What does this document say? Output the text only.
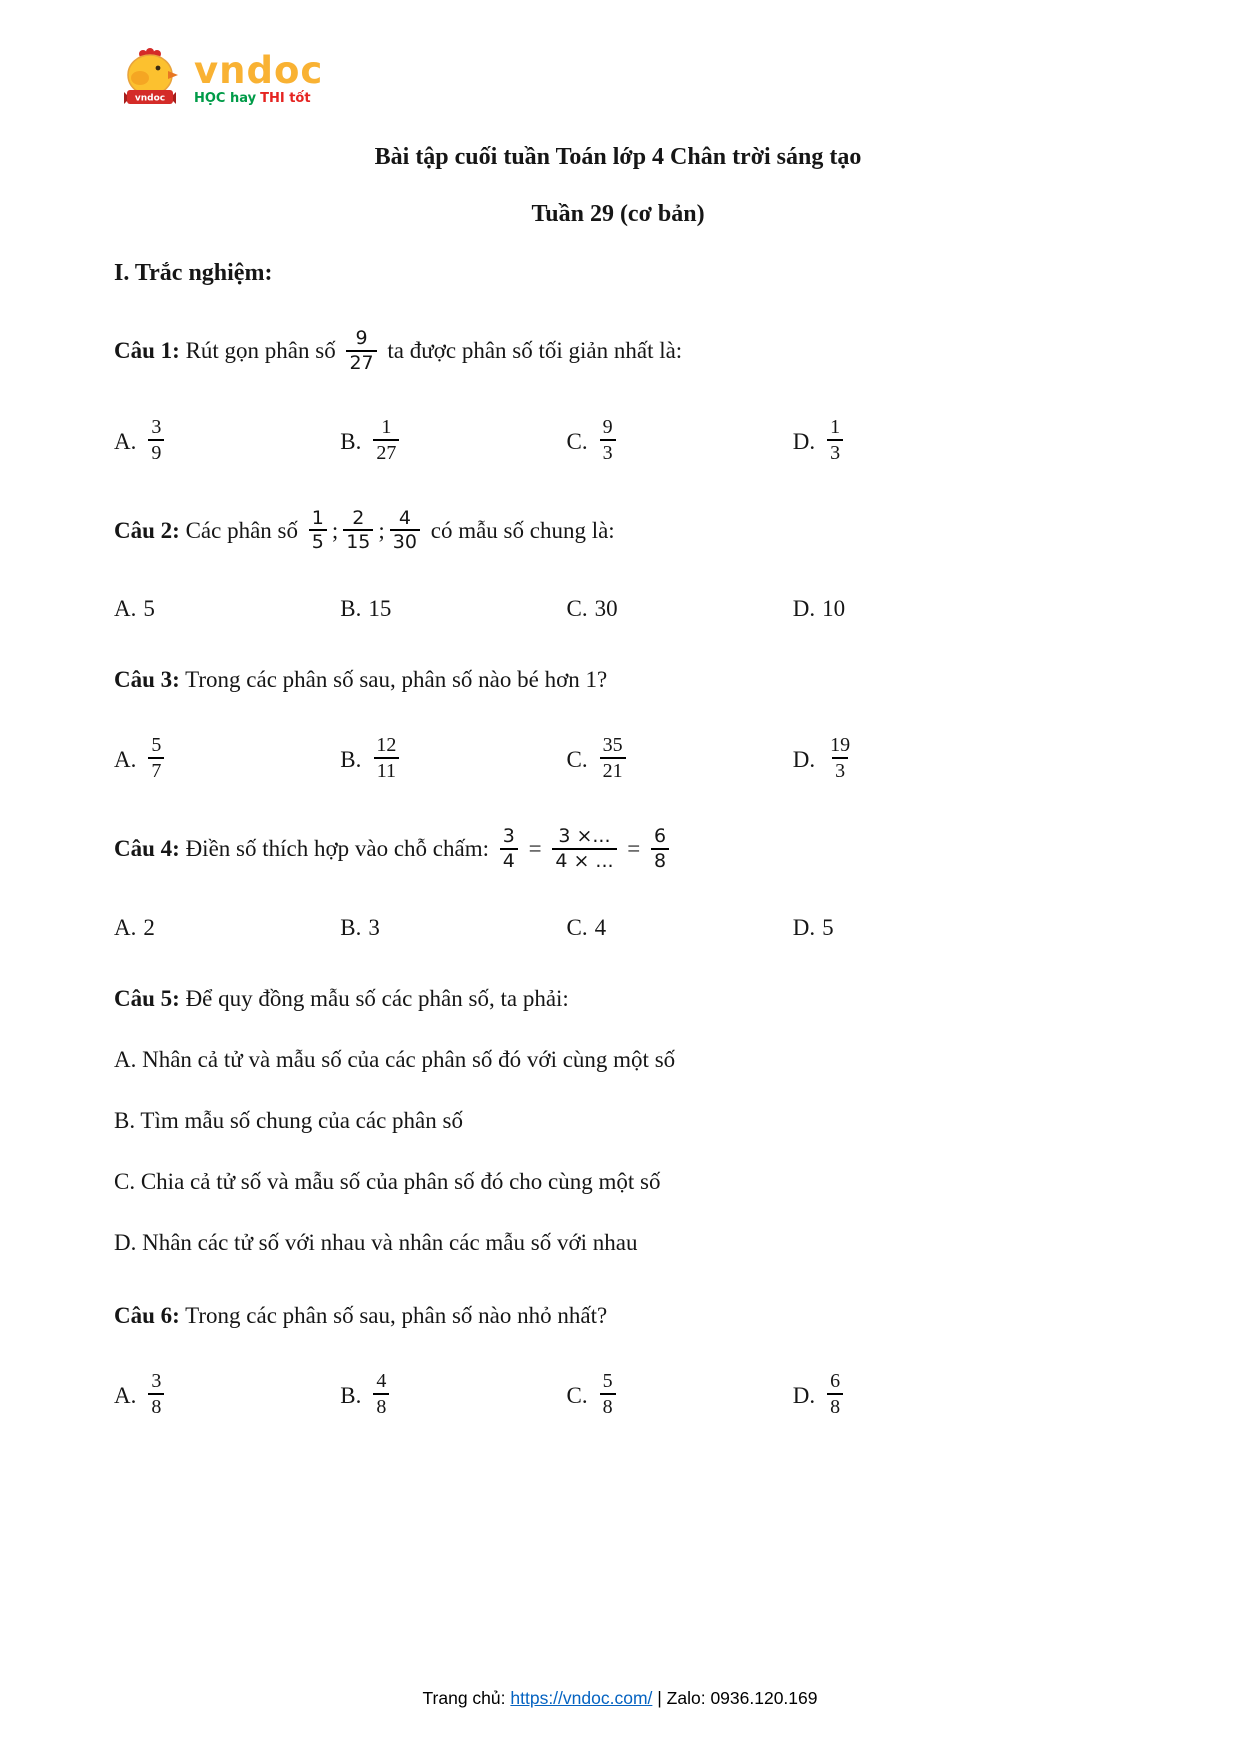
vndoc
vndoc
HỌC hay THI tốt
Bài tập cuối tuần Toán lớp 4 Chân trời sáng tạo
Tuần 29 (cơ bản)
I. Trắc nghiệm:
Câu 1: Rút gọn phân số $\frac{9}{27}$ ta được phân số tối giản nhất là:
A. $\frac{3}{9}$	B. $\frac{1}{27}$	C. $\frac{9}{3}$	D. $\frac{1}{3}$
Câu 2: Các phân số $\frac{1}{5}$ ; $\frac{2}{15}$ ; $\frac{4}{30}$ có mẫu số chung là:
A. 5	B. 15	C. 30	D. 10
Câu 3: Trong các phân số sau, phân số nào bé hơn 1?
A. $\frac{5}{7}$	B. $\frac{12}{11}$	C. $\frac{35}{21}$	D. $\frac{19}{3}$
Câu 4: Điền số thích hợp vào chỗ chấm: $\frac{3}{4} = \frac{3 \times...}{4 \times ...} = \frac{6}{8}$
A. 2	B. 3	C. 4	D. 5
Câu 5: Để quy đồng mẫu số các phân số, ta phải:
A. Nhân cả tử và mẫu số của các phân số đó với cùng một số
B. Tìm mẫu số chung của các phân số
C. Chia cả tử số và mẫu số của phân số đó cho cùng một số
D. Nhân các tử số với nhau và nhân các mẫu số với nhau
Câu 6: Trong các phân số sau, phân số nào nhỏ nhất?
A. $\frac{3}{8}$	B. $\frac{4}{8}$	C. $\frac{5}{8}$	D. $\frac{6}{8}$
Trang chủ: https://vndoc.com/ | Zalo: 0936.120.169
